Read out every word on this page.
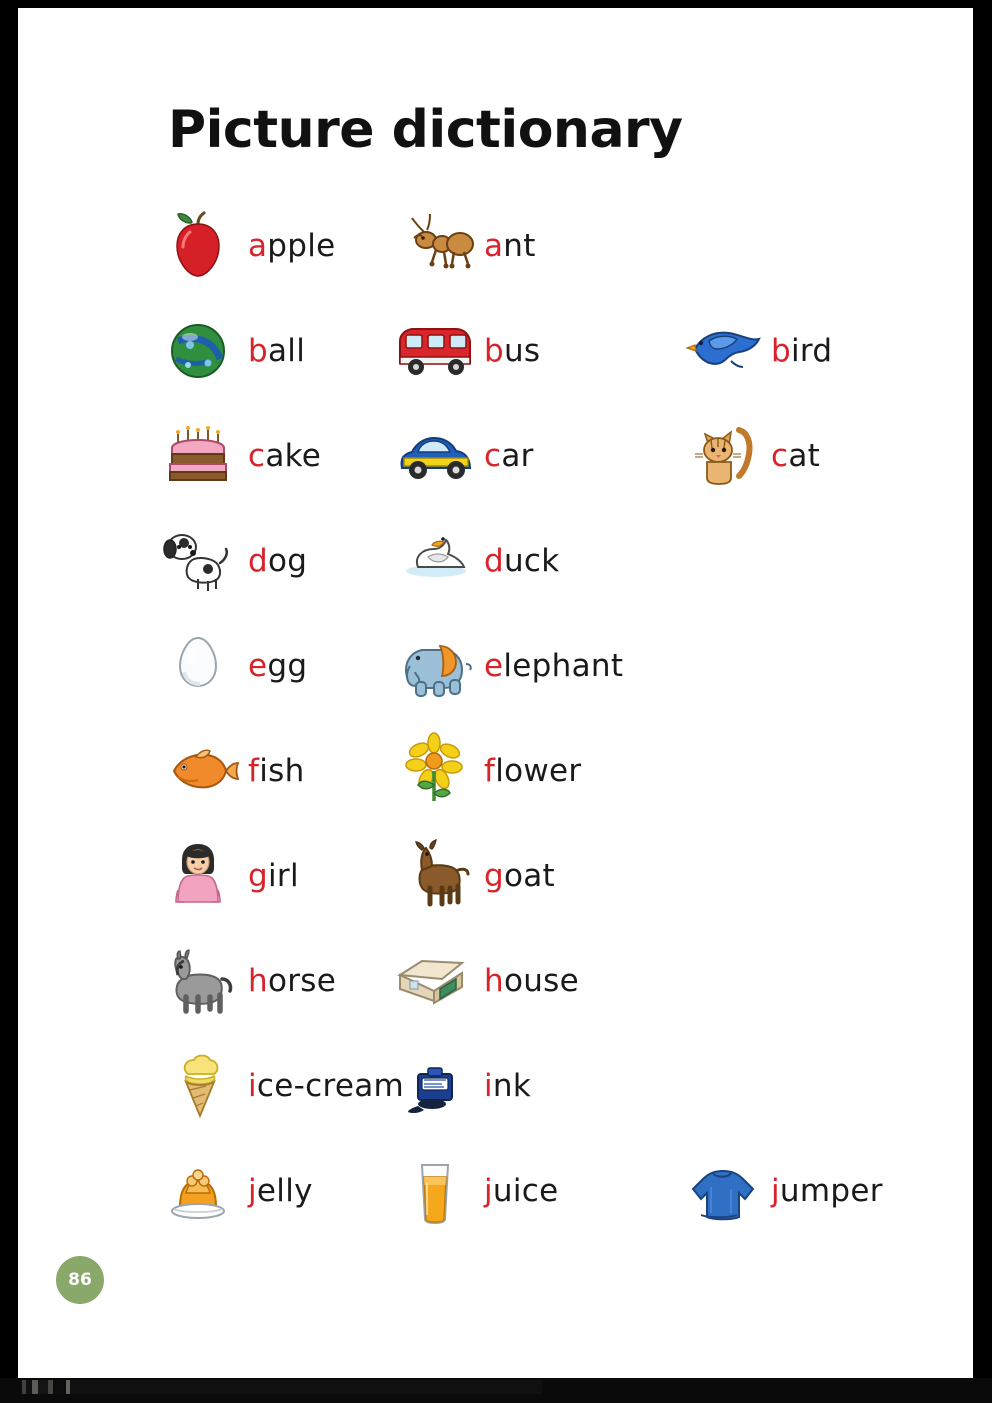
Picture dictionary
apple	ant
ball	bus	bird
cake	car	cat
dog	duck
egg	elephant
fish	flower
girl	goat
horse	house
ice-cream	ink
jelly	juice	jumper
86
